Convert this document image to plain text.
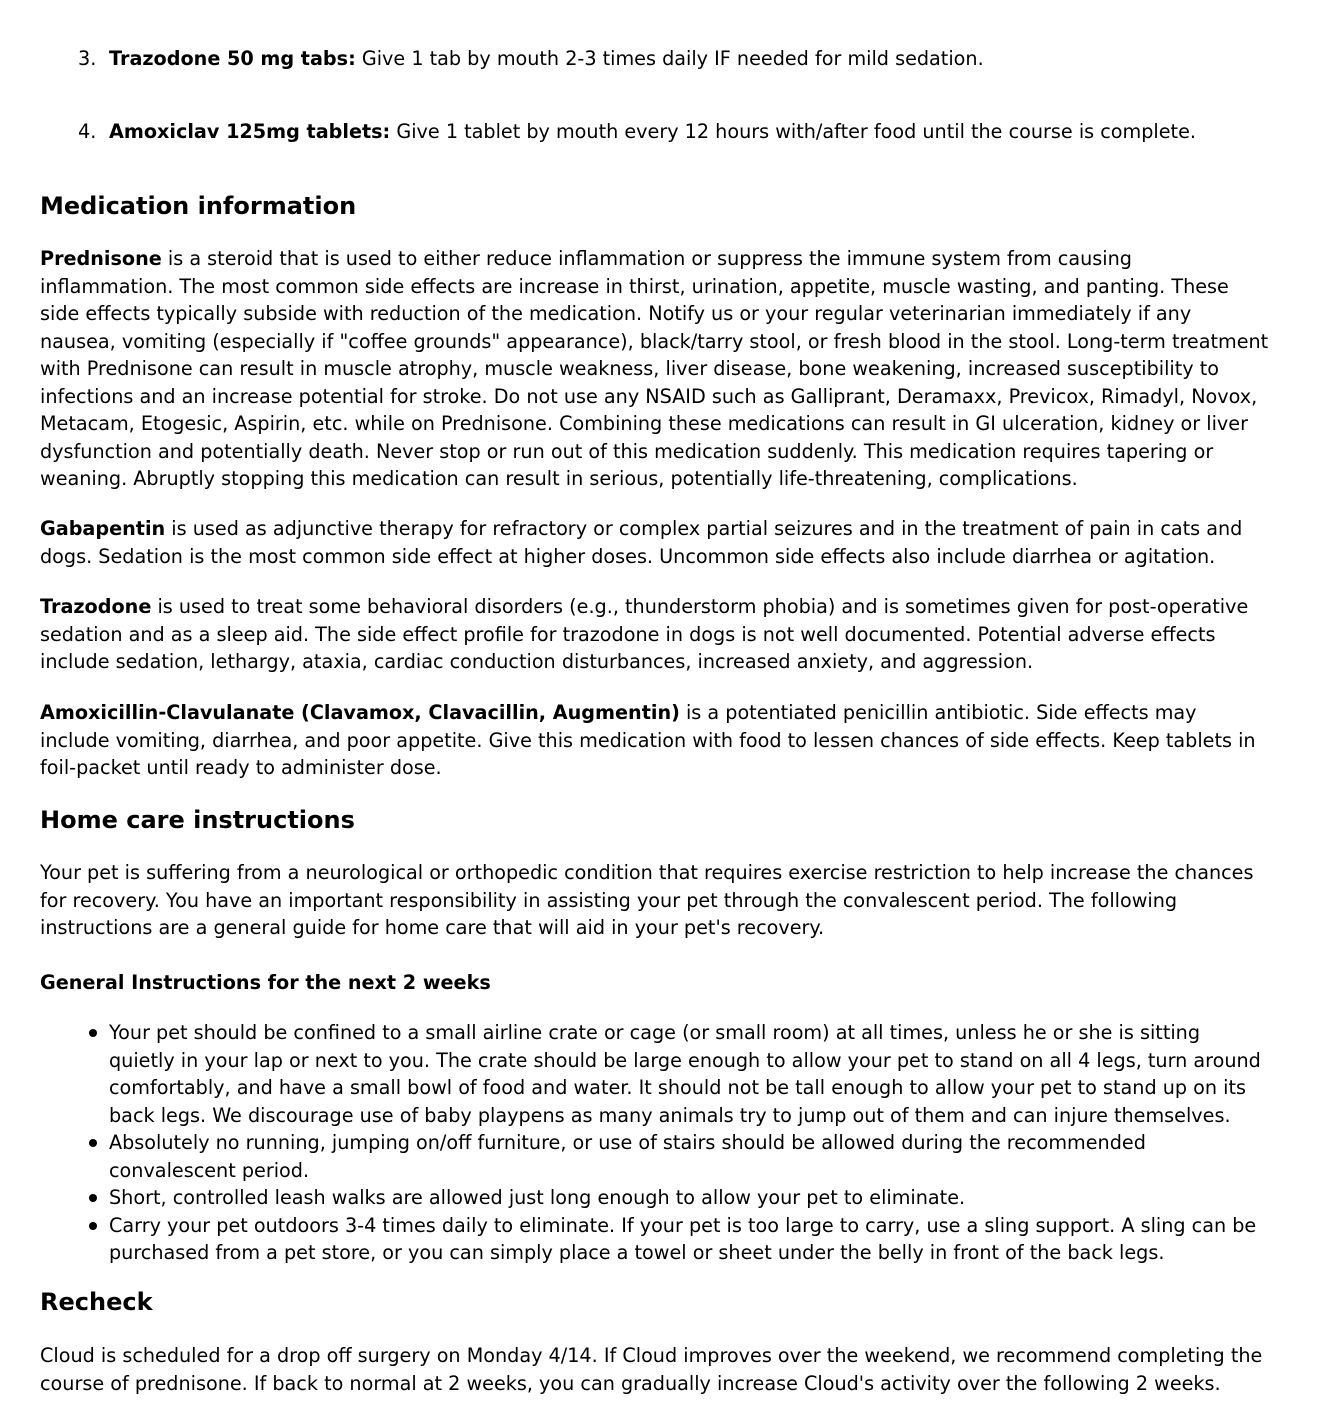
3. Trazodone 50 mg tabs: Give 1 tab by mouth 2-3 times daily IF needed for mild sedation.
4. Amoxiclav 125mg tablets: Give 1 tablet by mouth every 12 hours with/after food until the course is complete.
Medication information

Prednisone is a steroid that is used to either reduce inflammation or suppress the immune system from causing inflammation. The most common side effects are increase in thirst, urination, appetite, muscle wasting, and panting. These side effects typically subside with reduction of the medication. Notify us or your regular veterinarian immediately if any nausea, vomiting (especially if "coffee grounds" appearance), black/tarry stool, or fresh blood in the stool. Long-term treatment with Prednisone can result in muscle atrophy, muscle weakness, liver disease, bone weakening, increased susceptibility to infections and an increase potential for stroke. Do not use any NSAID such as Galliprant, Deramaxx, Previcox, Rimadyl, Novox, Metacam, Etogesic, Aspirin, etc. while on Prednisone. Combining these medications can result in GI ulceration, kidney or liver dysfunction and potentially death. Never stop or run out of this medication suddenly. This medication requires tapering or weaning. Abruptly stopping this medication can result in serious, potentially life-threatening, complications.

Gabapentin is used as adjunctive therapy for refractory or complex partial seizures and in the treatment of pain in cats and dogs. Sedation is the most common side effect at higher doses. Uncommon side effects also include diarrhea or agitation.

Trazodone is used to treat some behavioral disorders (e.g., thunderstorm phobia) and is sometimes given for post-operative sedation and as a sleep aid. The side effect profile for trazodone in dogs is not well documented. Potential adverse effects include sedation, lethargy, ataxia, cardiac conduction disturbances, increased anxiety, and aggression.

Amoxicillin-Clavulanate (Clavamox, Clavacillin, Augmentin) is a potentiated penicillin antibiotic. Side effects may include vomiting, diarrhea, and poor appetite. Give this medication with food to lessen chances of side effects. Keep tablets in foil-packet until ready to administer dose.

Home care instructions

Your pet is suffering from a neurological or orthopedic condition that requires exercise restriction to help increase the chances for recovery. You have an important responsibility in assisting your pet through the convalescent period. The following instructions are a general guide for home care that will aid in your pet's recovery.

General Instructions for the next 2 weeks
Your pet should be confined to a small airline crate or cage (or small room) at all times, unless he or she is sitting quietly in your lap or next to you. The crate should be large enough to allow your pet to stand on all 4 legs, turn around comfortably, and have a small bowl of food and water. It should not be tall enough to allow your pet to stand up on its back legs. We discourage use of baby playpens as many animals try to jump out of them and can injure themselves.
Absolutely no running, jumping on/off furniture, or use of stairs should be allowed during the recommended convalescent period.
Short, controlled leash walks are allowed just long enough to allow your pet to eliminate.
Carry your pet outdoors 3-4 times daily to eliminate. If your pet is too large to carry, use a sling support. A sling can be purchased from a pet store, or you can simply place a towel or sheet under the belly in front of the back legs.
Recheck

Cloud is scheduled for a drop off surgery on Monday 4/14. If Cloud improves over the weekend, we recommend completing the course of prednisone. If back to normal at 2 weeks, you can gradually increase Cloud's activity over the following 2 weeks.
